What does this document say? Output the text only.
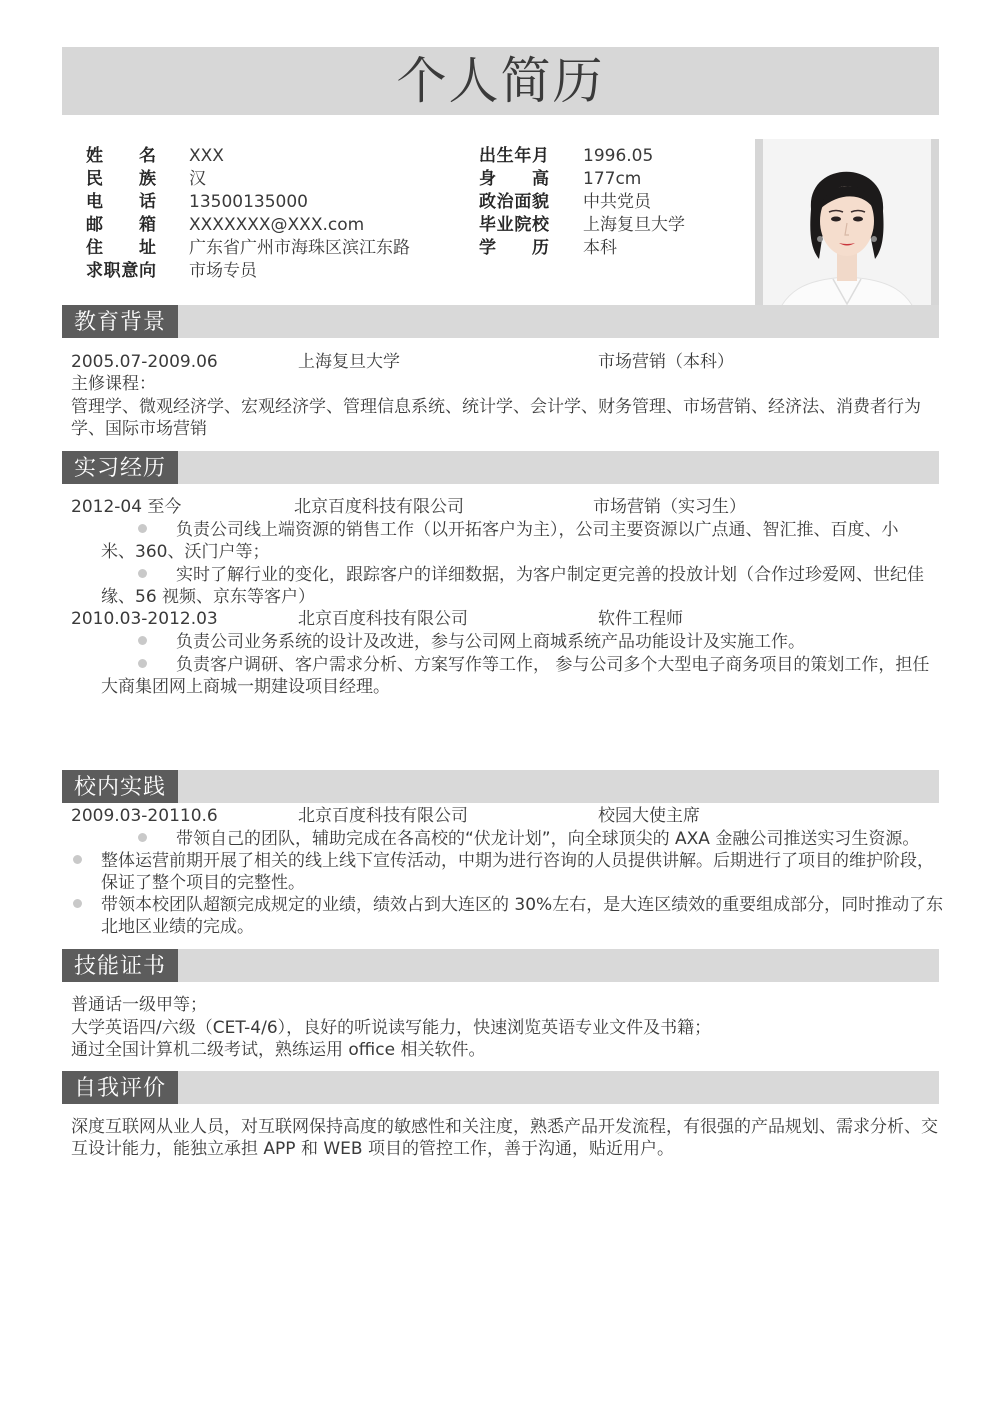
个人简历
姓 名 XXX
民 族 汉
电 话 13500135000
邮 箱 XXXXXXX@XXX.com
住 址 广东省广州市海珠区滨江东路
求职意向 市场专员
出生年月 1996.05
身 高 177cm
政治面貌 中共党员
毕业院校 上海复旦大学
学 历 本科
教育背景
2005.07-2009.06	上海复旦大学	市场营销（本科）
主修课程：
管理学、微观经济学、宏观经济学、管理信息系统、统计学、会计学、财务管理、市场营销、经济法、消费者行为
学、国际市场营销
实习经历
2012-04 至今	北京百度科技有限公司	市场营销（实习生）
负责公司线上端资源的销售工作（以开拓客户为主），公司主要资源以广点通、智汇推、百度、小
米、360、沃门户等；
实时了解行业的变化，跟踪客户的详细数据，为客户制定更完善的投放计划（合作过珍爱网、世纪佳
缘、56 视频、京东等客户）
2010.03-2012.03	北京百度科技有限公司	软件工程师
负责公司业务系统的设计及改进，参与公司网上商城系统产品功能设计及实施工作。
负责客户调研、客户需求分析、方案写作等工作， 参与公司多个大型电子商务项目的策划工作，担任
大商集团网上商城一期建设项目经理。
校内实践
2009.03-20110.6	北京百度科技有限公司	校园大使主席
带领自己的团队，辅助完成在各高校的“伏龙计划”，向全球顶尖的 AXA 金融公司推送实习生资源。
整体运营前期开展了相关的线上线下宣传活动，中期为进行咨询的人员提供讲解。后期进行了项目的维护阶段，
保证了整个项目的完整性。
带领本校团队超额完成规定的业绩，绩效占到大连区的 30%左右，是大连区绩效的重要组成部分，同时推动了东
北地区业绩的完成。
技能证书
普通话一级甲等；
大学英语四/六级（CET-4/6），良好的听说读写能力，快速浏览英语专业文件及书籍；
通过全国计算机二级考试，熟练运用 office 相关软件。
自我评价
深度互联网从业人员，对互联网保持高度的敏感性和关注度，熟悉产品开发流程，有很强的产品规划、需求分析、交
互设计能力，能独立承担 APP 和 WEB 项目的管控工作，善于沟通，贴近用户。
